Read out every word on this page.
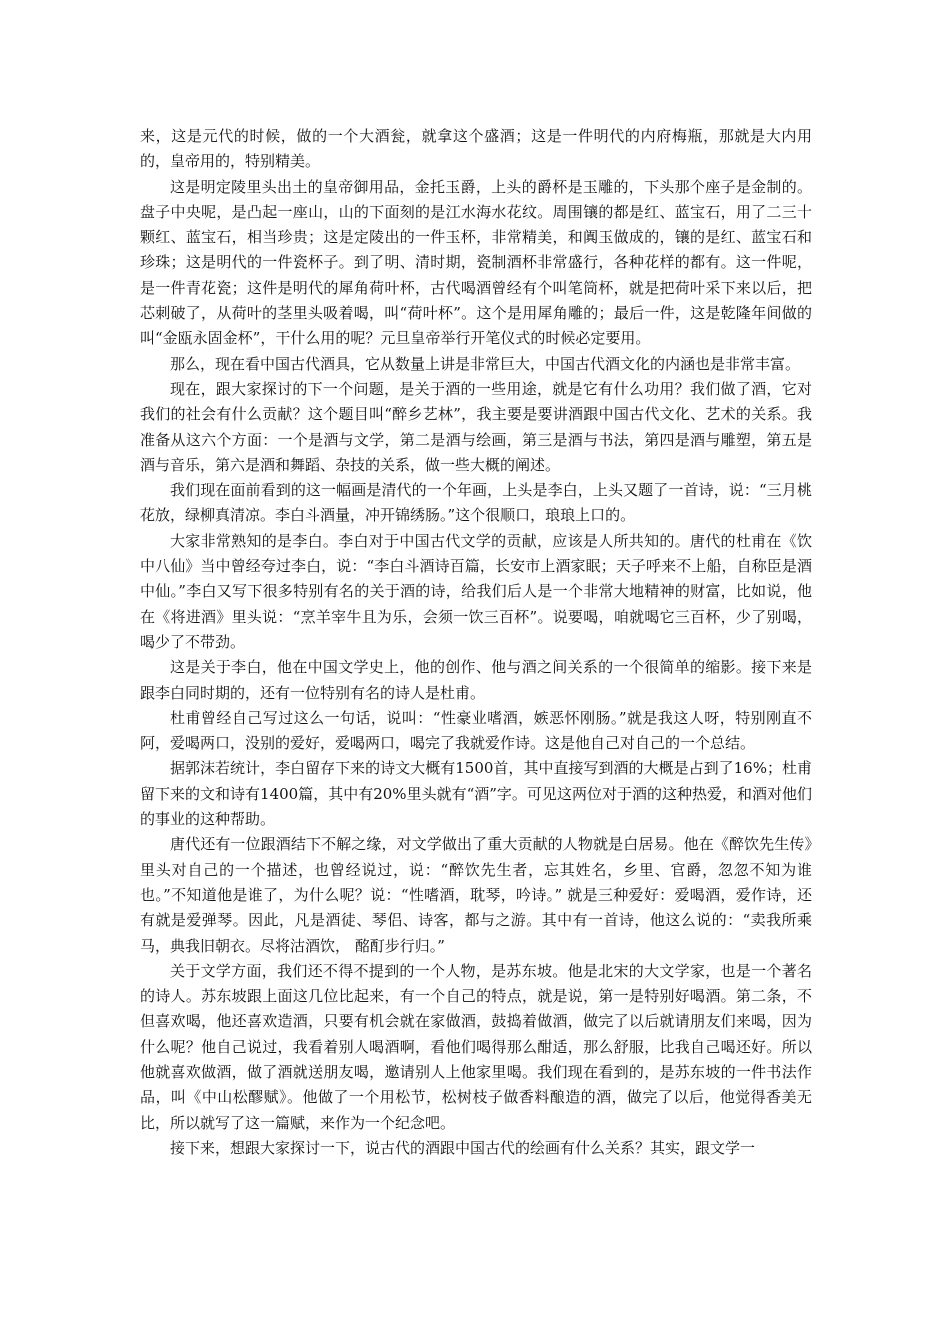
来，这是元代的时候，做的一个大酒瓮，就拿这个盛酒；这是一件明代的内府梅瓶，那就是大内用的，皇帝用的，特别精美。

这是明定陵里头出土的皇帝御用品，金托玉爵，上头的爵杯是玉雕的，下头那个座子是金制的。盘子中央呢，是凸起一座山，山的下面刻的是江水海水花纹。周围镶的都是红、蓝宝石，用了二三十颗红、蓝宝石，相当珍贵；这是定陵出的一件玉杯，非常精美，和阗玉做成的，镶的是红、蓝宝石和珍珠；这是明代的一件瓷杯子。到了明、清时期，瓷制酒杯非常盛行，各种花样的都有。这一件呢，是一件青花瓷；这件是明代的犀角荷叶杯，古代喝酒曾经有个叫笔筒杯，就是把荷叶采下来以后，把芯刺破了，从荷叶的茎里头吸着喝，叫“荷叶杯”。这个是用犀角雕的；最后一件，这是乾隆年间做的叫“金瓯永固金杯”，干什么用的呢？元旦皇帝举行开笔仪式的时候必定要用。

那么，现在看中国古代酒具，它从数量上讲是非常巨大，中国古代酒文化的内涵也是非常丰富。

现在，跟大家探讨的下一个问题，是关于酒的一些用途，就是它有什么功用？我们做了酒，它对我们的社会有什么贡献？这个题目叫“醉乡艺林”，我主要是要讲酒跟中国古代文化、艺术的关系。我准备从这六个方面：一个是酒与文学，第二是酒与绘画，第三是酒与书法，第四是酒与雕塑，第五是酒与音乐，第六是酒和舞蹈、杂技的关系，做一些大概的阐述。

我们现在面前看到的这一幅画是清代的一个年画，上头是李白，上头又题了一首诗，说：“三月桃花放，绿柳真清凉。李白斗酒量，冲开锦绣肠。”这个很顺口，琅琅上口的。

大家非常熟知的是李白。李白对于中国古代文学的贡献，应该是人所共知的。唐代的杜甫在《饮中八仙》当中曾经夸过李白，说：“李白斗酒诗百篇，长安市上酒家眠；天子呼来不上船，自称臣是酒中仙。”李白又写下很多特别有名的关于酒的诗，给我们后人是一个非常大地精神的财富，比如说，他在《将进酒》里头说：“烹羊宰牛且为乐，会须一饮三百杯”。说要喝，咱就喝它三百杯，少了别喝，喝少了不带劲。

这是关于李白，他在中国文学史上，他的创作、他与酒之间关系的一个很简单的缩影。接下来是跟李白同时期的，还有一位特别有名的诗人是杜甫。

杜甫曾经自己写过这么一句话，说叫：“性豪业嗜酒，嫉恶怀刚肠。”就是我这人呀，特别刚直不阿，爱喝两口，没别的爱好，爱喝两口，喝完了我就爱作诗。这是他自己对自己的一个总结。

据郭沫若统计，李白留存下来的诗文大概有1500首，其中直接写到酒的大概是占到了16%；杜甫留下来的文和诗有1400篇，其中有20%里头就有“酒”字。可见这两位对于酒的这种热爱，和酒对他们的事业的这种帮助。

唐代还有一位跟酒结下不解之缘，对文学做出了重大贡献的人物就是白居易。他在《醉饮先生传》里头对自己的一个描述，也曾经说过，说：“醉饮先生者，忘其姓名，乡里、官爵，忽忽不知为谁也。”不知道他是谁了，为什么呢？说：“性嗜酒，耽琴，吟诗。” 就是三种爱好：爱喝酒，爱作诗，还有就是爱弹琴。因此，凡是酒徒、琴侣、诗客，都与之游。其中有一首诗，他这么说的：“卖我所乘马，典我旧朝衣。尽将沽酒饮， 酩酊步行归。”

关于文学方面，我们还不得不提到的一个人物，是苏东坡。他是北宋的大文学家，也是一个著名的诗人。苏东坡跟上面这几位比起来，有一个自己的特点，就是说，第一是特别好喝酒。第二条，不但喜欢喝，他还喜欢造酒，只要有机会就在家做酒，鼓捣着做酒，做完了以后就请朋友们来喝，因为什么呢？他自己说过，我看着别人喝酒啊，看他们喝得那么酣适，那么舒服，比我自己喝还好。所以他就喜欢做酒，做了酒就送朋友喝，邀请别人上他家里喝。我们现在看到的，是苏东坡的一件书法作品，叫《中山松醪赋》。他做了一个用松节，松树枝子做香料酿造的酒，做完了以后，他觉得香美无比，所以就写了这一篇赋，来作为一个纪念吧。

接下来，想跟大家探讨一下，说古代的酒跟中国古代的绘画有什么关系？其实，跟文学一
